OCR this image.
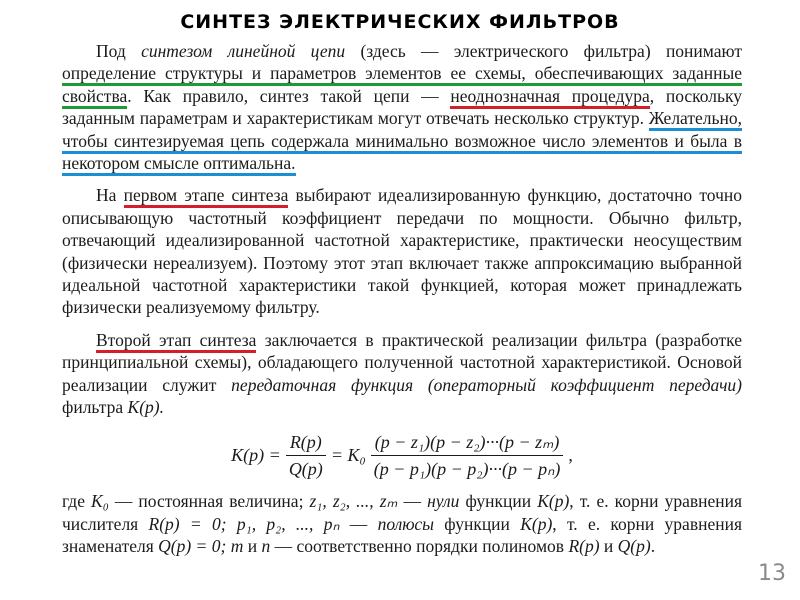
СИНТЕЗ ЭЛЕКТРИЧЕСКИХ ФИЛЬТРОВ

Под синтезом линейной цепи (здесь — электрического фильтра) понимают определение структуры и параметров элементов ее схемы, обеспечивающих заданные свойства. Как правило, синтез такой цепи — неоднозначная процедура, поскольку заданным параметрам и характеристикам могут отвечать несколько структур. Желательно, чтобы синтезируемая цепь содержала минимально возможное число элементов и была в некотором смысле оптимальна.

На первом этапе синтеза выбирают идеализированную функцию, достаточно точно описывающую частотный коэффициент передачи по мощности. Обычно фильтр, отвечающий идеализированной частотной характеристике, практически неосуществим (физически нереализуем). Поэтому этот этап включает также аппроксимацию выбранной идеальной частотной характеристики такой функцией, которая может принадлежать физически реализуемому фильтру.

Второй этап синтеза заключается в практической реализации фильтра (разработке принципиальной схемы), обладающего полученной частотной характеристикой. Основой реализации служит передаточная функция (операторный коэффициент передачи) фильтра K(p).

$K(p) = \frac{R(p)}{Q(p)} = K_0 \frac{\text{(p − z₁)(p − z₂)···(p − zₘ)}}{\text{(p − p₁)(p − p₂)···(p − pₙ)}}$ ,

где K₀ — постоянная величина; z₁, z₂, ..., zₘ — нули функции K(p), т. е. корни уравнения числителя R(p) = 0; p₁, p₂, ..., pₙ — полюсы функции K(p), т. е. корни уравнения знаменателя Q(p) = 0; m и n — соответственно порядки полиномов R(p) и Q(p).

13
